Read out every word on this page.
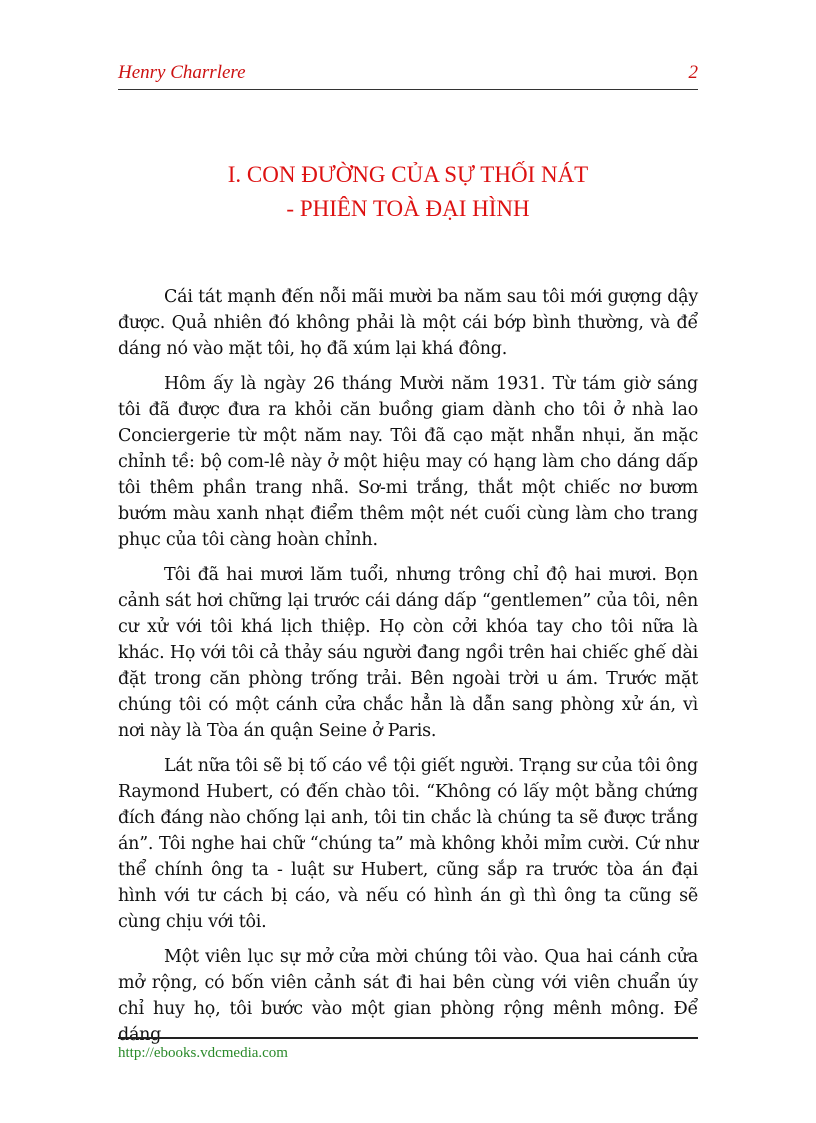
Henry Charrlere	2
I. CON ĐƯỜNG CỦA SỰ THỐI NÁT
- PHIÊN TOÀ ĐẠI HÌNH

Cái tát mạnh đến nỗi mãi mười ba năm sau tôi mới gượng dậy được. Quả nhiên đó không phải là một cái bớp bình thường, và để dáng nó vào mặt tôi, họ đã xúm lại khá đông.

Hôm ấy là ngày 26 tháng Mười năm 1931. Từ tám giờ sáng tôi đã được đưa ra khỏi căn buồng giam dành cho tôi ở nhà lao Conciergerie từ một năm nay. Tôi đã cạo mặt nhẵn nhụi, ăn mặc chỉnh tề: bộ com-lê này ở một hiệu may có hạng làm cho dáng dấp tôi thêm phần trang nhã. Sơ-mi trắng, thắt một chiếc nơ bươm bướm màu xanh nhạt điểm thêm một nét cuối cùng làm cho trang phục của tôi càng hoàn chỉnh.

Tôi đã hai mươi lăm tuổi, nhưng trông chỉ độ hai mươi. Bọn cảnh sát hơi chững lại trước cái dáng dấp “gentlemen” của tôi, nên cư xử với tôi khá lịch thiệp. Họ còn cởi khóa tay cho tôi nữa là khác. Họ với tôi cả thảy sáu người đang ngồi trên hai chiếc ghế dài đặt trong căn phòng trống trải. Bên ngoài trời u ám. Trước mặt chúng tôi có một cánh cửa chắc hẳn là dẫn sang phòng xử án, vì nơi này là Tòa án quận Seine ở Paris.

Lát nữa tôi sẽ bị tố cáo về tội giết người. Trạng sư của tôi ông Raymond Hubert, có đến chào tôi. “Không có lấy một bằng chứng đích đáng nào chống lại anh, tôi tin chắc là chúng ta sẽ được trắng án”. Tôi nghe hai chữ “chúng ta” mà không khỏi mỉm cười. Cứ như thể chính ông ta - luật sư Hubert, cũng sắp ra trước tòa án đại hình với tư cách bị cáo, và nếu có hình án gì thì ông ta cũng sẽ cùng chịu với tôi.

Một viên lục sự mở cửa mời chúng tôi vào. Qua hai cánh cửa mở rộng, có bốn viên cảnh sát đi hai bên cùng với viên chuẩn úy chỉ huy họ, tôi bước vào một gian phòng rộng mênh mông. Để dáng

http://ebooks.vdcmedia.com
